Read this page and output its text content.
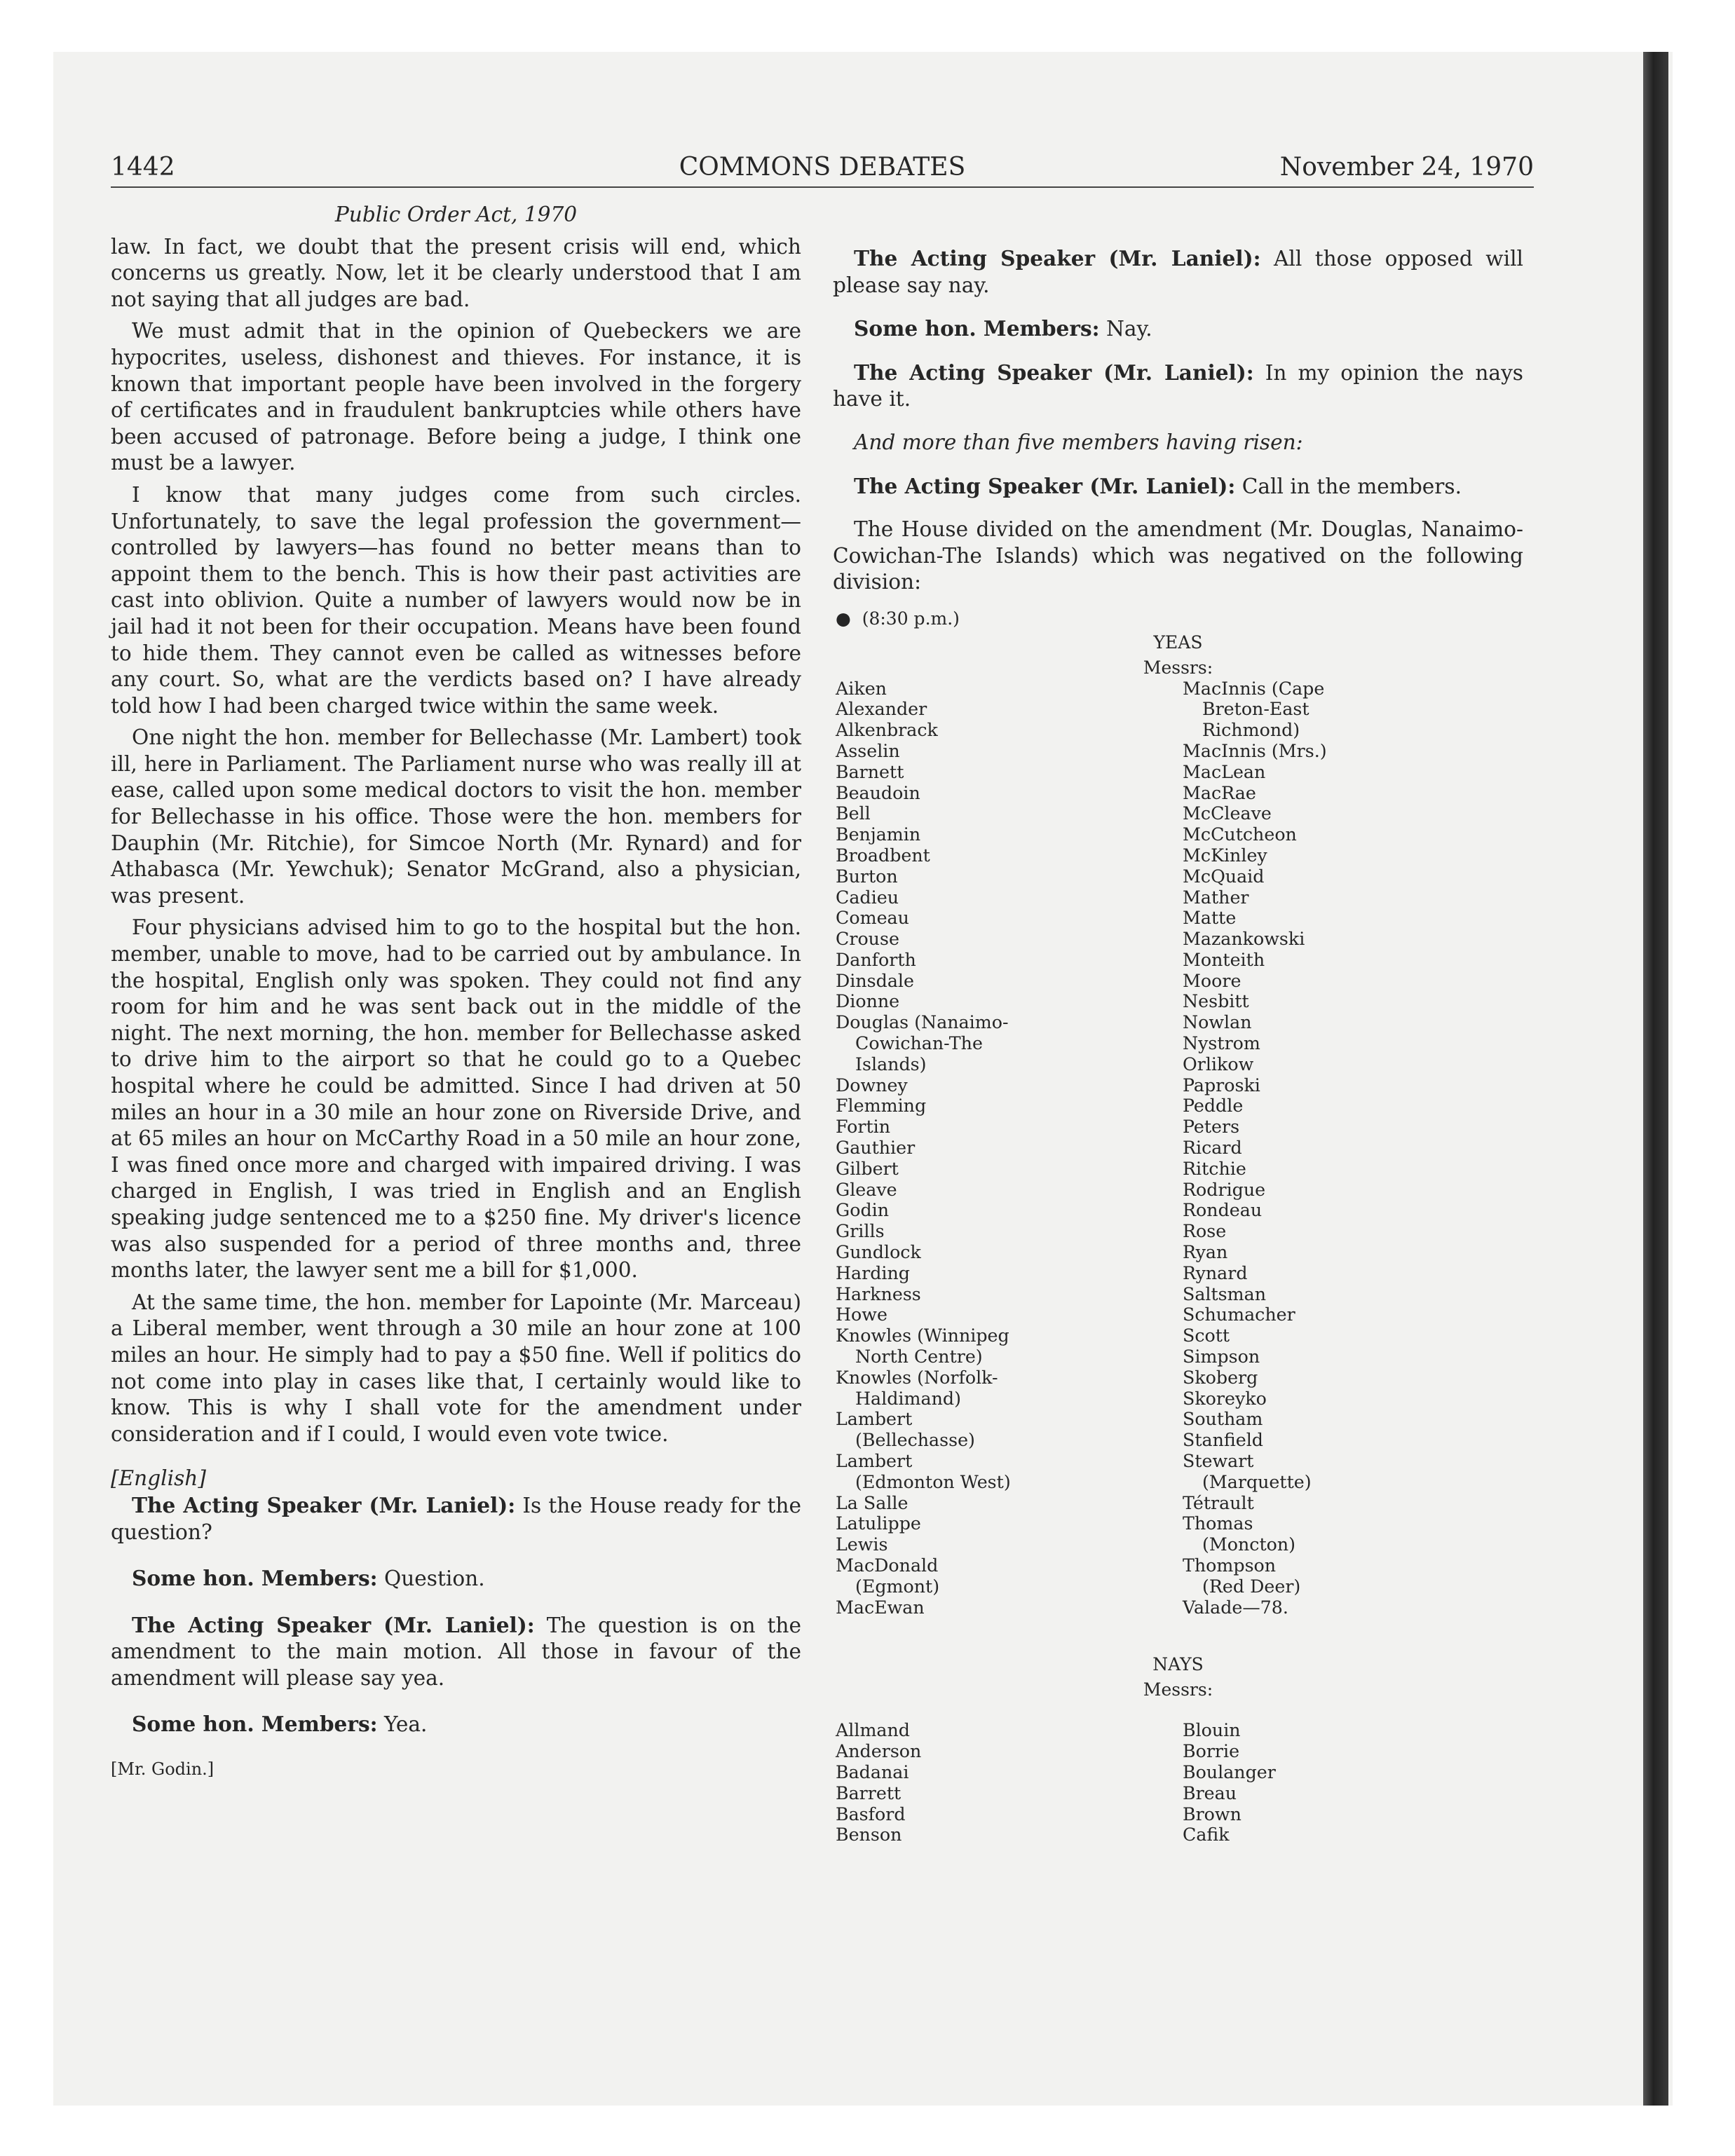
1442	COMMONS DEBATES	November 24, 1970
Public Order Act, 1970

law. In fact, we doubt that the present crisis will end, which concerns us greatly. Now, let it be clearly understood that I am not saying that all judges are bad.

We must admit that in the opinion of Quebeckers we are hypocrites, useless, dishonest and thieves. For instance, it is known that important people have been involved in the forgery of certificates and in fraudulent bankruptcies while others have been accused of patronage. Before being a judge, I think one must be a lawyer.

I know that many judges come from such circles. Unfortunately, to save the legal profession the government—controlled by lawyers—has found no better means than to appoint them to the bench. This is how their past activities are cast into oblivion. Quite a number of lawyers would now be in jail had it not been for their occupation. Means have been found to hide them. They cannot even be called as witnesses before any court. So, what are the verdicts based on? I have already told how I had been charged twice within the same week.

One night the hon. member for Bellechasse (Mr. Lambert) took ill, here in Parliament. The Parliament nurse who was really ill at ease, called upon some medical doctors to visit the hon. member for Bellechasse in his office. Those were the hon. members for Dauphin (Mr. Ritchie), for Simcoe North (Mr. Rynard) and for Athabasca (Mr. Yewchuk); Senator McGrand, also a physician, was present.

Four physicians advised him to go to the hospital but the hon. member, unable to move, had to be carried out by ambulance. In the hospital, English only was spoken. They could not find any room for him and he was sent back out in the middle of the night. The next morning, the hon. member for Bellechasse asked to drive him to the airport so that he could go to a Quebec hospital where he could be admitted. Since I had driven at 50 miles an hour in a 30 mile an hour zone on Riverside Drive, and at 65 miles an hour on McCarthy Road in a 50 mile an hour zone, I was fined once more and charged with impaired driving. I was charged in English, I was tried in English and an English speaking judge sentenced me to a $250 fine. My driver's licence was also suspended for a period of three months and, three months later, the lawyer sent me a bill for $1,000.

At the same time, the hon. member for Lapointe (Mr. Marceau) a Liberal member, went through a 30 mile an hour zone at 100 miles an hour. He simply had to pay a $50 fine. Well if politics do not come into play in cases like that, I certainly would like to know. This is why I shall vote for the amendment under consideration and if I could, I would even vote twice.

[English]

The Acting Speaker (Mr. Laniel): Is the House ready for the question?

Some hon. Members: Question.

The Acting Speaker (Mr. Laniel): The question is on the amendment to the main motion. All those in favour of the amendment will please say yea.

Some hon. Members: Yea.

[Mr. Godin.]

The Acting Speaker (Mr. Laniel): All those opposed will please say nay.

Some hon. Members: Nay.

The Acting Speaker (Mr. Laniel): In my opinion the nays have it.

And more than five members having risen:

The Acting Speaker (Mr. Laniel): Call in the members.

The House divided on the amendment (Mr. Douglas, Nanaimo-Cowichan-The Islands) which was negatived on the following division:

●  (8:30 p.m.)
YEAS
Messrs:
Aiken
Alexander
Alkenbrack
Asselin
Barnett
Beaudoin
Bell
Benjamin
Broadbent
Burton
Cadieu
Comeau
Crouse
Danforth
Dinsdale
Dionne
Douglas (Nanaimo-
Cowichan-The
Islands)
Downey
Flemming
Fortin
Gauthier
Gilbert
Gleave
Godin
Grills
Gundlock
Harding
Harkness
Howe
Knowles (Winnipeg
North Centre)
Knowles (Norfolk-
Haldimand)
Lambert
(Bellechasse)
Lambert
(Edmonton West)
La Salle
Latulippe
Lewis
MacDonald
(Egmont)
MacEwan
MacInnis (Cape
Breton-East
Richmond)
MacInnis (Mrs.)
MacLean
MacRae
McCleave
McCutcheon
McKinley
McQuaid
Mather
Matte
Mazankowski
Monteith
Moore
Nesbitt
Nowlan
Nystrom
Orlikow
Paproski
Peddle
Peters
Ricard
Ritchie
Rodrigue
Rondeau
Rose
Ryan
Rynard
Saltsman
Schumacher
Scott
Simpson
Skoberg
Skoreyko
Southam
Stanfield
Stewart
(Marquette)
Tétrault
Thomas
(Moncton)
Thompson
(Red Deer)
Valade—78.
NAYS
Messrs:
Allmand
Anderson
Badanai
Barrett
Basford
Benson
Blouin
Borrie
Boulanger
Breau
Brown
Cafik
